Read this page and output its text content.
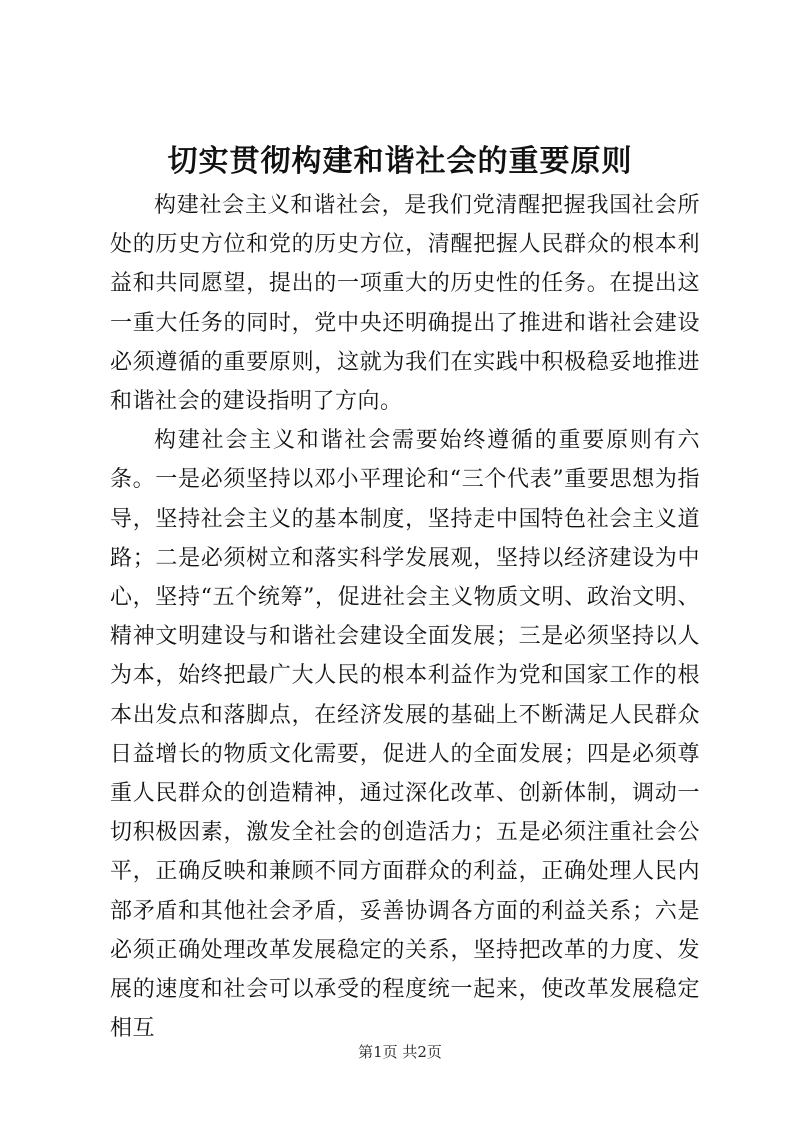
切实贯彻构建和谐社会的重要原则

构建社会主义和谐社会，是我们党清醒把握我国社会所处的历史方位和党的历史方位，清醒把握人民群众的根本利益和共同愿望，提出的一项重大的历史性的任务。在提出这一重大任务的同时，党中央还明确提出了推进和谐社会建设必须遵循的重要原则，这就为我们在实践中积极稳妥地推进和谐社会的建设指明了方向。

构建社会主义和谐社会需要始终遵循的重要原则有六条。一是必须坚持以邓小平理论和“三个代表”重要思想为指导，坚持社会主义的基本制度，坚持走中国特色社会主义道路；二是必须树立和落实科学发展观，坚持以经济建设为中心，坚持“五个统筹”，促进社会主义物质文明、政治文明、精神文明建设与和谐社会建设全面发展；三是必须坚持以人为本，始终把最广大人民的根本利益作为党和国家工作的根本出发点和落脚点，在经济发展的基础上不断满足人民群众日益增长的物质文化需要，促进人的全面发展；四是必须尊重人民群众的创造精神，通过深化改革、创新体制，调动一切积极因素，激发全社会的创造活力；五是必须注重社会公平，正确反映和兼顾不同方面群众的利益，正确处理人民内部矛盾和其他社会矛盾，妥善协调各方面的利益关系；六是必须正确处理改革发展稳定的关系，坚持把改革的力度、发展的速度和社会可以承受的程度统一起来，使改革发展稳定相互

第1页 共2页
